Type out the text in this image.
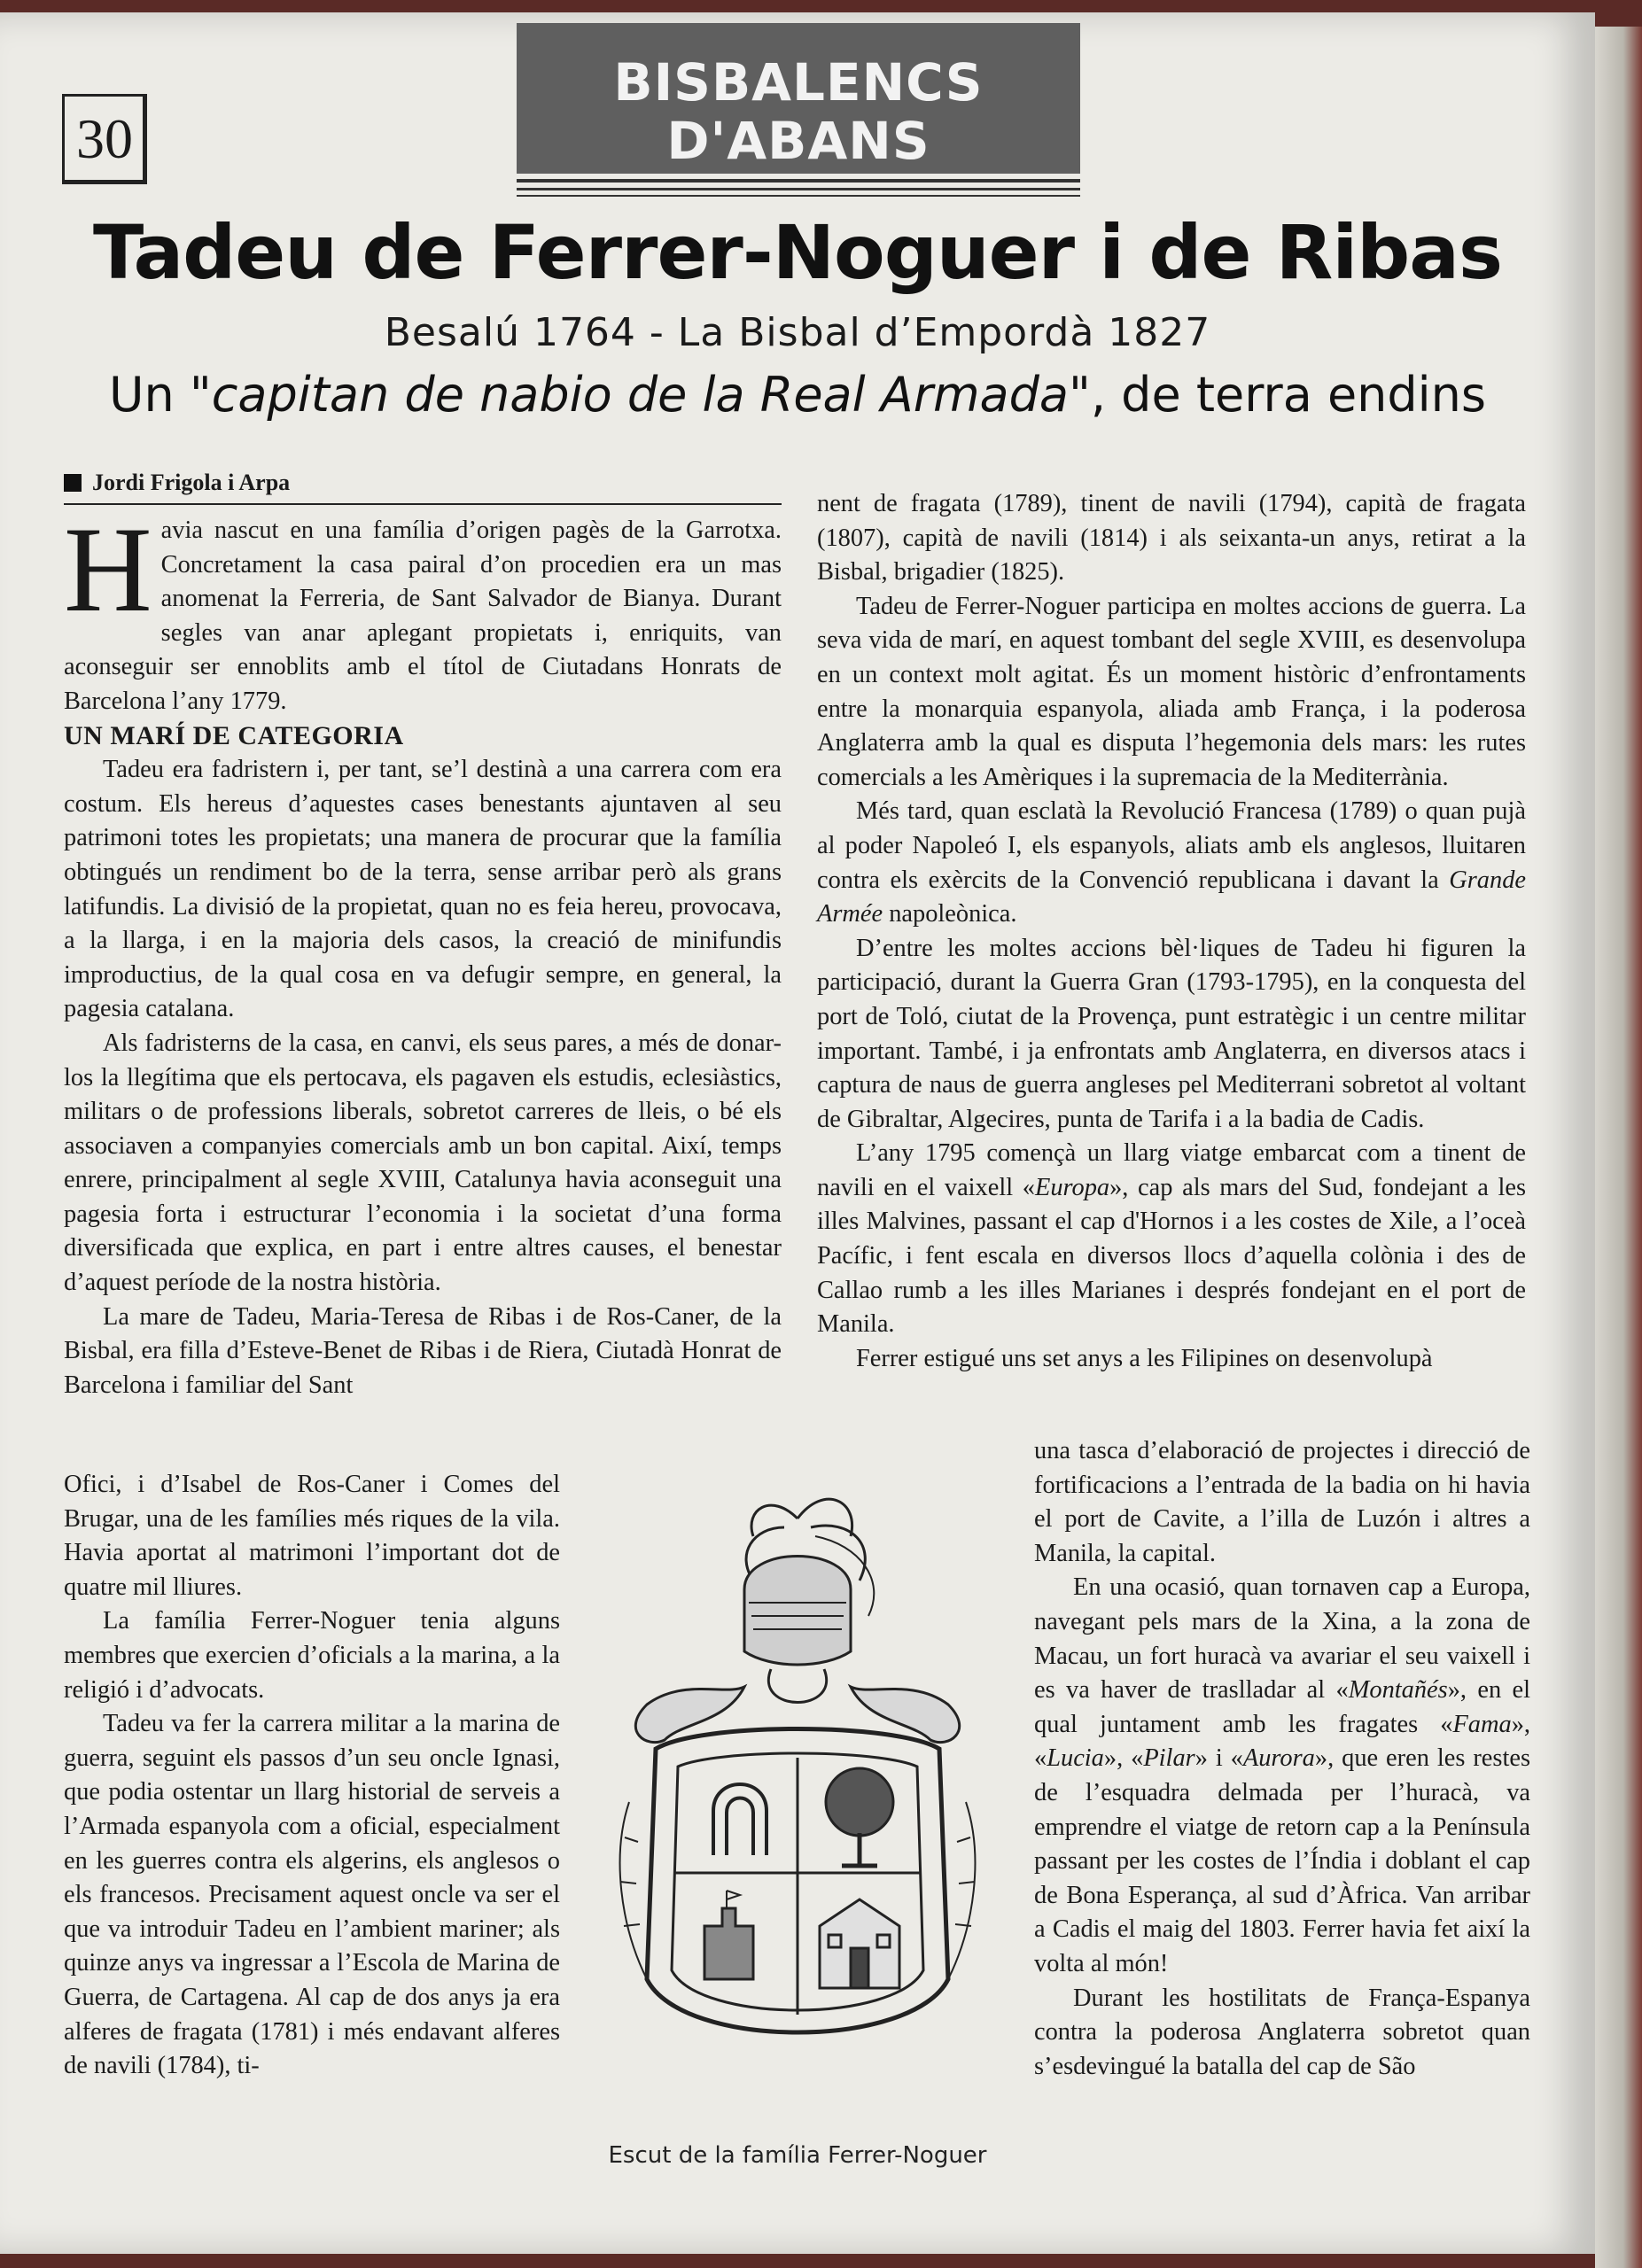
30
BISBALENCS
D'ABANS
Tadeu de Ferrer-Noguer i de Ribas
Besalú 1764 - La Bisbal d’Empordà 1827
Un "capitan de nabio de la Real Armada", de terra endins
Jordi Frigola i Arpa

Havia nascut en una família d’origen pagès de la Garrotxa. Concretament la casa pairal d’on procedien era un mas anomenat la Ferreria, de Sant Salvador de Bianya. Durant segles van anar aplegant propietats i, enriquits, van aconseguir ser ennoblits amb el títol de Ciutadans Honrats de Barcelona l’any 1779.

UN MARÍ DE CATEGORIA

Tadeu era fadristern i, per tant, se’l destinà a una carrera com era costum. Els hereus d’aquestes cases benestants ajuntaven al seu patrimoni totes les propietats; una manera de procurar que la família obtingués un rendiment bo de la terra, sense arribar però als grans latifundis. La divisió de la propietat, quan no es feia hereu, provocava, a la llarga, i en la majoria dels casos, la creació de minifundis improductius, de la qual cosa en va defugir sempre, en general, la pagesia catalana.

Als fadristerns de la casa, en canvi, els seus pares, a més de donar-los la llegítima que els pertocava, els pagaven els estudis, eclesiàstics, militars o de professions liberals, sobretot carreres de lleis, o bé els associaven a companyies comercials amb un bon capital. Així, temps enrere, principalment al segle XVIII, Catalunya havia aconseguit una pagesia forta i estructurar l’economia i la societat d’una forma diversificada que explica, en part i entre altres causes, el benestar d’aquest període de la nostra història.

La mare de Tadeu, Maria-Teresa de Ribas i de Ros-Caner, de la Bisbal, era filla d’Esteve-Benet de Ribas i de Riera, Ciutadà Honrat de Barcelona i familiar del Sant

Ofici, i d’Isabel de Ros-Caner i Comes del Brugar, una de les famílies més riques de la vila. Havia aportat al matrimoni l’important dot de quatre mil lliures.

La família Ferrer-Noguer tenia alguns membres que exercien d’oficials a la marina, a la religió i d’advocats.

Tadeu va fer la carrera militar a la marina de guerra, seguint els passos d’un seu oncle Ignasi, que podia ostentar un llarg historial de serveis a l’Armada espanyola com a oficial, especialment en les guerres contra els algerins, els anglesos o els francesos. Precisament aquest oncle va ser el que va introduir Tadeu en l’ambient mariner; als quinze anys va ingressar a l’Escola de Marina de Guerra, de Cartagena. Al cap de dos anys ja era alferes de fragata (1781) i més endavant alferes de navili (1784), ti-

nent de fragata (1789), tinent de navili (1794), capità de fragata (1807), capità de navili (1814) i als seixanta-un anys, retirat a la Bisbal, brigadier (1825).

Tadeu de Ferrer-Noguer participa en moltes accions de guerra. La seva vida de marí, en aquest tombant del segle XVIII, es desenvolupa en un context molt agitat. És un moment històric d’enfrontaments entre la monarquia espanyola, aliada amb França, i la poderosa Anglaterra amb la qual es disputa l’hegemonia dels mars: les rutes comercials a les Amèriques i la supremacia de la Mediterrània.

Més tard, quan esclatà la Revolució Francesa (1789) o quan pujà al poder Napoleó I, els espanyols, aliats amb els anglesos, lluitaren contra els exèrcits de la Convenció republicana i davant la Grande Armée napoleònica.

D’entre les moltes accions bèl·liques de Tadeu hi figuren la participació, durant la Guerra Gran (1793-1795), en la conquesta del port de Toló, ciutat de la Provença, punt estratègic i un centre militar important. També, i ja enfrontats amb Anglaterra, en diversos atacs i captura de naus de guerra angleses pel Mediterrani sobretot al voltant de Gibraltar, Algecires, punta de Tarifa i a la badia de Cadis.

L’any 1795 començà un llarg viatge embarcat com a tinent de navili en el vaixell «Europa», cap als mars del Sud, fondejant a les illes Malvines, passant el cap d'Hornos i a les costes de Xile, a l’oceà Pacífic, i fent escala en diversos llocs d’aquella colònia i des de Callao rumb a les illes Marianes i després fondejant en el port de Manila.

Ferrer estigué uns set anys a les Filipines on desenvolupà

una tasca d’elaboració de projectes i direcció de fortificacions a l’entrada de la badia on hi havia el port de Cavite, a l’illa de Luzón i altres a Manila, la capital.

En una ocasió, quan tornaven cap a Europa, navegant pels mars de la Xina, a la zona de Macau, un fort huracà va avariar el seu vaixell i es va haver de traslladar al «Montañés», en el qual juntament amb les fragates «Fama», «Lucia», «Pilar» i «Aurora», que eren les restes de l’esquadra delmada per l’huracà, va emprendre el viatge de retorn cap a la Península passant per les costes de l’Índia i doblant el cap de Bona Esperança, al sud d’Àfrica. Van arribar a Cadis el maig del 1803. Ferrer havia fet així la volta al món!

Durant les hostilitats de França-Espanya contra la poderosa Anglaterra sobretot quan s’esdevingué la batalla del cap de São

Escut de la família Ferrer-Noguer
